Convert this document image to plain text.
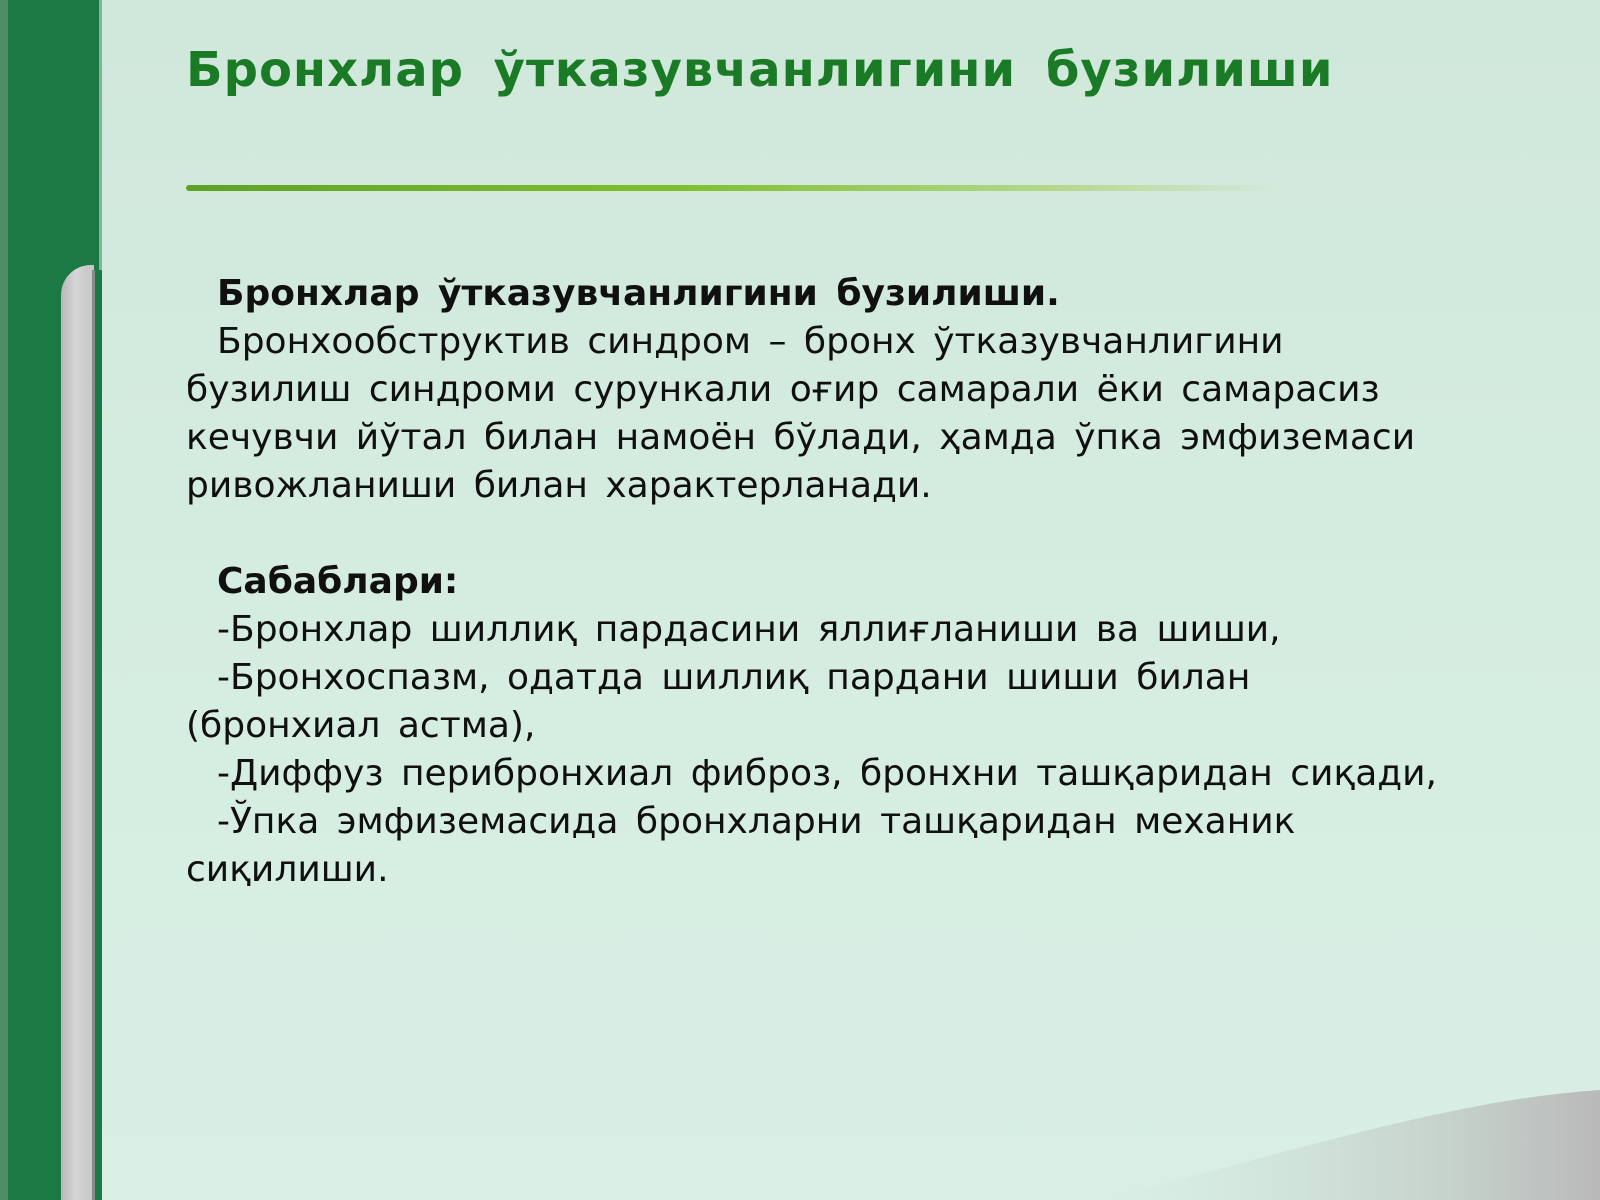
Бронхлар ўтказувчанлигини бузилиши

Бронхлар ўтказувчанлигини бузилиши.

Бронхообструктив синдром – бронх ўтказувчанлигини бузилиш синдроми сурункали оғир самарали ёки самарасиз кечувчи йўтал билан намоён бўлади, ҳамда ўпка эмфиземаси ривожланиши билан характерланади.

Сабаблари:

-Бронхлар шиллиқ пардасини яллиғланиши ва шиши,

-Бронхоспазм, одатда шиллиқ пардани шиши билан (бронхиал астма),

-Диффуз перибронхиал фиброз, бронхни ташқаридан сиқади,

-Ўпка эмфиземасида бронхларни ташқаридан механик сиқилиши.
